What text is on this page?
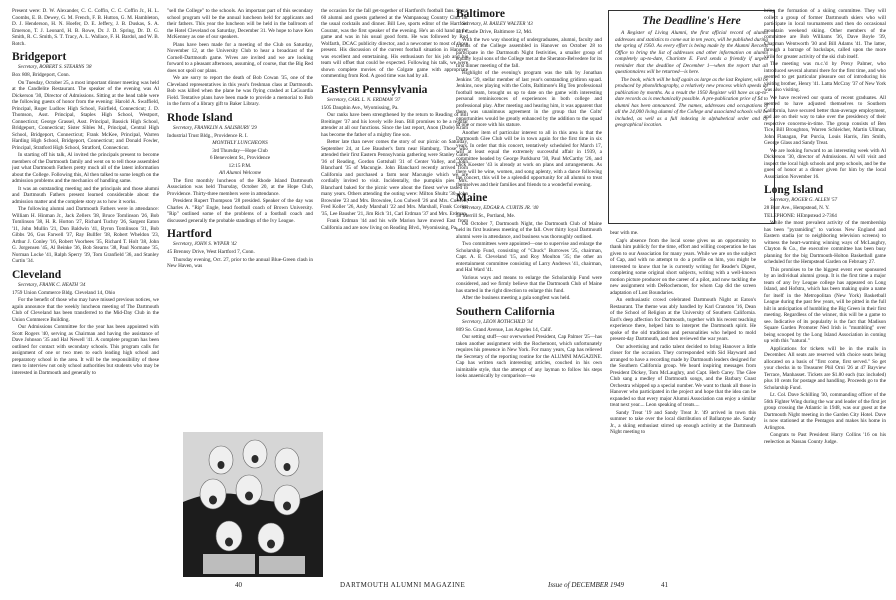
Present were: D. W. Alexander, C. C. Coffin, C. C. Coffin Jr., H. L. Coombs, E. B. Dewey, G. M. French, F. B. Hutton, G. M. Hambleton, D. J. Henderson, H. N. Hoefer, D. E. Jeffery, J. B. Duskas, S. A. Emerson, T. J. Leonard, H. B. Rowe, Dr. J. D. Spring, Dr. D. G. Smith, R. C. Smith, S. T. Tracy, A. L. Wallace, F. H. Bardol, and W. B. Rotch.

Bridgeport

Secretary, ROBERT S. STEARNS '38

Box 808, Bridgeport, Conn.

On Tuesday, October 25, a most important dinner meeting was held at the Candlelite Restaurant. The speaker of the evening was Al Dickerson '30, Director of Admissions. Sitting at the head table were the following guests of honor from the evening: Harold A. Swaffield, Principal, Roger Ludlow High School, Fairfield, Connecticut; J. D. Thomson, Asst. Principal, Staples High School, Westport, Connecticut; George Grassel, Asst. Principal, Bassick High School, Bridgeport, Connecticut; Sister Sibles M., Principal, Central High School, Bridgeport, Connecticut; Frank McKee, Principal, Warren Harding High School, Bridgeport, Connecticut; and Donald Fowler, Principal, Stratford High School, Stratford, Connecticut.

In starting off his talk, Al invited the principals present to become members of the Dartmouth family and went on to tell those assembled just what Dartmouth Fathers pretty much all of the latest information about the College. Following this, Al then talked to some length on the admission problems and the mechanics of handling same.

It was an outstanding meeting and the principals and those alumni and Dartmouth Fathers present learned considerable about the admission matter and the complete story as to how it works.

The following alumni and Dartmouth Fathers were in attendance: William H. Hinman Jr., Jack Zellers '38, Bruce Tomlinson '26, Bob Tomlinson '38, H. R. Horton '27, Richard Tuchry '26, Sargent Eaton '11, John Mullin '21, Don Baldwin '41, Byron Tomlinson '31, Bob Gibbs '26, Gus Farwell '37, Ray Bullfer '38, Robert Wheldon '23, Arthur J. Conley '16, Robert Voorhees '35, Richard T. Holt '38, John G. Jorgensen '45, Al Beinke '36, Bob Stearns '38, Paul Normane '35, Norman Locke '41, Ralph Sperry '39, Tom Granfield '36, and Stanley Curtin '34.

Cleveland

Secretary, FRANK C. HEATH '34

1759 Union Commerce Bldg. Cleveland 14, Ohio

For the benefit of those who may have missed previous notices, we again announce that the weekly luncheon meeting of The Dartmouth Club of Cleveland has been transferred to the Mid-Day Club in the Union Commerce Building.

Our Admissions Committee for the year has been appointed with Scott Rogers '40, serving as Chairman and having the assistance of Dave Johnson '35 and Hal Newell '41. A complete program has been outlined for contact with secondary schools. This program calls for assignment of one or two men to each leading high school and preparatory school in the area. It will be the responsibility of these men to interview not only school authorities but students who may be interested in Dartmouth and generally to

"sell the College" to the schools. An important part of this secondary school program will be the annual luncheon held for applicants and their fathers. This year the luncheon will be held in the ballroom of the Hotel Cleveland on Saturday, December 31. We hope to have Ken McKenney as one of our speakers.

Plans have been made for a meeting of the Club on Saturday, November 12, at the University Club to hear a broadcast of the Cornell-Dartmouth game. Wives are invited and we are looking forward to a pleasant afternoon, assuming, of course, that the Big Red does not spoil our plans.

We are sorry to report the death of Bob Cowan '35, one of the Cleveland representatives in this year's freshman class at Dartmouth. Bob was killed when the plane he was flying crashed at LaGuardia Field. Tentative plans have been made to provide a memorial to Bob in the form of a library gift to Baker Library.

Rhode Island

Secretary, FRANKLIN A. SALISBURY '29

Industrial Trust Bldg., Providence R. I.

MONTHLY LUNCHEONS

3rd Thursday—Hope Club

6 Benevolent St., Providence

12:15 P.M.

All Alumni Welcome

The first monthly luncheon of the Rhode Island Dartmouth Association was held Thursday, October 20, at the Hope Club, Providence. Thirty-three members were in attendance.

President Rupert Thompson '28 presided. Speaker of the day was Charles A. "Rip" Engle, head football coach of Brown University. "Rip" outlined some of the problems of a football coach and discussed generally the probable standings of the Ivy League.

Hartford

Secretary, JOHN S. WYPER '42

45 Brennsy Drive, West Hartford 7, Conn.

Thursday evening, Oct. 27, prior to the annual Blue-Green clash in New Haven, was

the occasion for the fall get-together of Hartford's football fans. Some 60 alumni and guests gathered at the Wampanoag Country Club for the usual cocktails and dinner. Bill Lee, sports editor of the Hartford Courant, was the first speaker of the evening. He's an old hand at the game and was in his usual good form. He was followed by Rod Wolfarth, DCAC publicity director, and a newcomer to most of those present. His discussion of the current football situation in Hanover was excellent and entertaining. His enthusiasm for his job and his team will offset that could be expected. Following his talk, we were shown complete movies of the Colgate game with appropriate commenting from Rod. A good time was had by all.

Eastern Pennsylvania

Secretary, CARL L. N. ERDMAN '37

1505 Dauphin Ave., Wyomissing, Pa.

Our ranks have been strengthened by the return to Reading of Bill Breitinger '37 and his lovely wife Jean. Bill promises to be a regular attender at all our functions. Since the last report, Anon (Dude) Kram has become the father of a mighty fine son.

Better late than never comes the story of our picnic on Saturday, September 24, at Lee Bausher's farm near Hamburg. Those who attended their first Eastern Pennsylvania gathering were Stanley Gates '36 of Reading, Gordon Gottshall '31 of Center Valley, and John Blanchard '35 of Macungie. John Blanchard recently arrived from California and purchased a farm near Macungie which we are cordially invited to visit. Incidentally, the pumpkin pies Mrs. Blanchard baked for the picnic were about the finest we've tasted in many years. Others attending the outing were: Milton Shultz '30, John Brownlee '23 and Mrs. Brownlee, Lou Culwell '26 and Mrs. Culwell, Fred Koller '26, Andy Marshall '22 and Mrs. Marshall, Frank Coriett '35, Lee Bausher '21, Jim Rich '31, Carl Erdman '37 and Mrs. Erdman.

Frank Erdman '44 and his wife Marion have moved East from California and are now living on Reading Blvd., Wyomissing, Pa.

Baltimore

Secretary, H. BAILEY WALTER '43

501 Castle Drive, Baltimore 12, Md.

With the two way shooting of undergraduates, alumni, faculty and friends of the College assembled in Hanover on October 28 to participate in the Dartmouth Night festivities, a smaller group of equally loyal sons of the College met at the Sheraton-Belvedere for its first dinner meeting of the fall.

Highlight of the evening's program was the talk by Jonathan Jenkins '39, stellar member of last year's outstanding gridiron squad. Jenkins, now playing with the Colts, Baltimore's Big Ten professional football team, brought us up to date on the game with interesting personal reminiscences of experiences in both college and professional play. After meeting and hearing him, it was apparent that there was unanimous agreement in the group that the Colts' opportunities would be greatly enhanced by the addition to the squad of one or more with his stature.

Another item of particular interest to all in this area is that the Dartmouth Glee Club will be in town again for the first time in six years. In order that this concert, tentatively scheduled for March 17, will at least equal the extremely successful affair in 1939, a committee headed by George Parkhurst '30, Paul McCarthy '26, and Dick Koester '43 is already at work on plans and arrangements. As there will be wine, women, and song aplenty, with a dance following the concert, this will be a splendid opportunity for all alumni to treat themselves and their families and friends to a wonderful evening.

Maine

Secretary, EDGAR A. CURTIS JR. '40

58 Merrill St., Portland, Me.

On October 7, Dartmouth Night, the Dartmouth Club of Maine held its first business meeting of the fall. Over thirty loyal Dartmouth alumni were in attendance, and business was thoroughly outlined.

Two committees were appointed—one to supervise and enlarge the Scholarship Fund, consisting of "Chuck" Burrowes '25, chairman, Capt. A. E. Cleveland '15, and Roy Moulton '35; the other an entertainment committee consisting of Larry Andrews '41, chairman, and Hal Ward '41.

Various ways and means to enlarge the Scholarship Fund were considered, and we firmly believe that the Dartmouth Club of Maine has started in the right direction to enlarge this fund.

After the business meeting a gala songfest was held.

Southern California

Secretary, LEON ROTHCHILD '34

809 So. Grand Avenue, Los Angeles 14, Calif.

Our setting stuff—our overworked President, Cap Palmer '25—has taken another assignment with the Rochemont, which unfortunately requires his presence in New York. For many years, Cap has relieved the Secretary of the reporting routine for the ALUMNI MAGAZINE. Cap has written such interesting articles, couched in his own inimitable style, that the attempt of any layman to follow his steps looks anaemically by comparison—so

The Deadline's Here

A Register of Living Alumni, the first official record of alumni addresses and statistics to come out in ten years, will be published during the spring of 1950. As every effort is being made by the Alumni Records Office to bring the list of addresses and other information on alumni completely up-to-date, Charlotte E. Ford sends a friendly if urgent reminder that the deadline of December 1—when the report that all questionnaires will be returned—is here.

The book, which will be half again as large as the last Register, will be produced by photolithography, a relatively new process which speeds up publication by months. As a result the 1950 Register will have as up-to-date records as is mechanically possible. A pre-publication price of $4 to alumni has been announced. The names, addresses and occupations of all the 24,000 living alumni of the College and associated schools will be included, as well as a full indexing in alphabetical order and by geographical location.

bear with me.

Cap's absence from the local scene gives us an opportunity to thank him publicly for the time, effort and willing cooperation he has given to our Association for many years. While we are on the subject of Cap, and with no attempt to do a profile on him, you might be interested to know that he is currently writing for Reader's Digest, completing some original short subjects, writing with a well-known motion picture producer on the career of a pilot, and now tackling the new assignment with DeRochemont, for whom Cap did the screen adaptation of Lost Boundaries.

An enthusiastic crowd celebrated Dartmouth Night at Eaton's Restaurant. The theme was ably handled by Karl Cranston '16, Dean of the School of Religion at the University of Southern California. Earl's deep affection for Dartmouth, together with his recent teaching experience there, helped him to interpret the Dartmouth spirit. He spoke of the old traditions and personalities who helped to mold present-day Dartmouth, and then reviewed the war years.

Our advertising and radio talent decided to bring Hanover a little closer for the occasion. They corresponded with Sid Hayward and arranged to have a recording made by Dartmouth leaders designed for the Southern California group. We heard inspiring messages from President Dickey, Tom McLaughry, and Capt. Herb Carey. The Glee Club sang a medley of Dartmouth songs, and the Barbary Coast Orchestra whipped up a special number. We want to thank all those in Hanover who participated in the project and hope that the idea can be expanded so that every major Alumni Association can enjoy a similar treat next year.... Leon speaking of treats....

Sandy Treat '19 and Sandy Treat Jr. '49 arrived in town this summer to take over the local distribution of Ballantyne ale. Sandy Jr., a skiing enthusiast stirred up enough activity at the Dartmouth Night meeting to

bring the formation of a skiing committee. They will collect a group of former Dartmouth skiers who will participate in local tournaments and then do occasional mountain weekend skiing. Other members of the committee are Bob Williams '36, Dave Boyle '39, Chapman Wentworth '30 and Bill Adams '41. The latter, through a barrage of backslaps, called upon the more virile for greater activity of the ski club itself.

The meeting was m.c.'d by Prexy Palmer, who introduced several alumni there for the first time, and who seemed to get particular pleasure out of introducing his visiting brother, Henry '41. Latta McCray '37 of New York was also visiting.

We have received our quota of recent graduates. All seemed to have adjusted themselves to Southern California, have secured better than-average employment, and are on their way to take over the presidency of their respective concerns-in-time. The group consists of Ben Tice, Bill Broughton, Warren Schleicher, Martin Ullman, John Flanagan, Pat Purcia, Louis Harris, Jim Smith, George Glass and Sandy Treat.

We are looking forward to an interesting week with Al Dickerson '30, director of Admissions. Al will visit and inspect the local high schools and prep schools, and be the guest of honor at a dinner given for him by the local Association November 16.

Long Island

Secretary, ROGER G. ALLEN '57

28 Burr Ave., Hempstead, N. Y.

TELEPHONE: HEmpstead 2-7364

While the most prevalent activity of the membership has been "pyramiding" to various New England and Eastern stadia (or to neighboring television screens) to witness the heart-warming winning ways of McLaughry, Clayton & Co., the executive committee has been busy planning for the big Dartmouth-Holton Basketball game scheduled for the Hempstead Garden on February 27.

This promises to be the biggest event ever sponsored by an individual alumni group. It is the first time a major team of any Ivy League college has appeared on Long Island, and Hofstra, which has been making quite a name for itself in the Metropolitan (New York) Basketball League during the past few years, will be pitted in the full hilt in anticipation of humbling the Big Green in their first meeting. Regardless of the winner, this will be a game to see. Indicative of its popularity is the fact that Madison Square Garden Promoter Ned Irish is "mumbling" over being scooped by the Long Island Association in coming up with this "natural."

Applications for tickets will be in the mails in December. All seats are reserved with choice seats being allocated on a basis of "first come, first served." So get your checks in to Treasurer Phil Orni '26 at 47 Bayview Terrace, Manhasset. Tickets are $1.80 each (tax included) plus 10 cents for postage and handling. Proceeds go to the Scholarship Fund.

Lt. Col. Dave Schilling '30, commanding officer of the 56th Fighter Wing during the war and leader of the first jet group crossing the Atlantic in 1948, was our guest at the Dartmouth Night meeting in the Garden City Hotel. Dave is now stationed at the Pentagon and makes his home in Arlington.

Congrats to Past President Harry Collins '16 on his reelection as Nassau County Judge.

40	DARTMOUTH ALUMNI MAGAZINE	Issue of DECEMBER 1949	41
